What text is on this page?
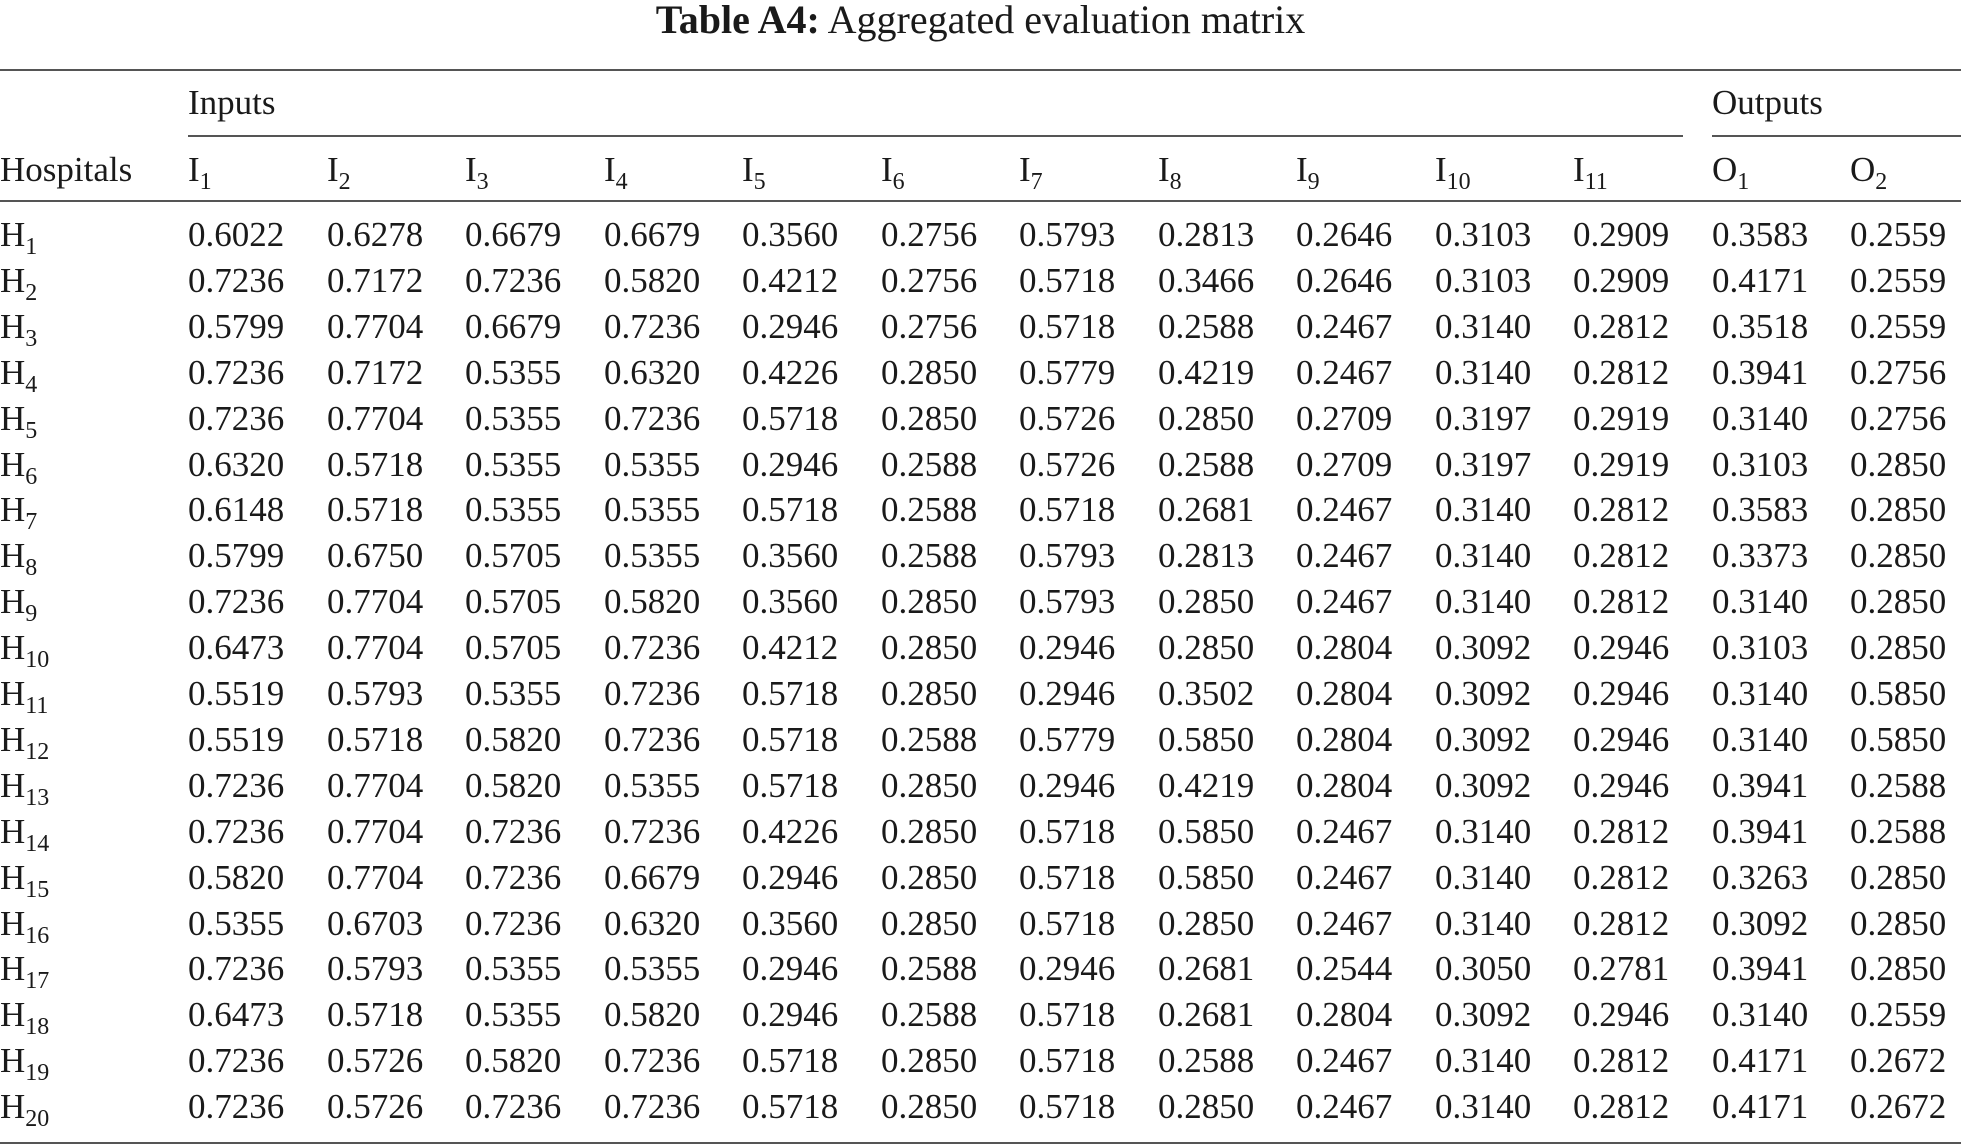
Table A4: Aggregated evaluation matrix
Inputs	Outputs
Hospitals $I_1$	$I_2$	$I_3$	$I_4$	$I_5$	$I_6$	$I_7$	$I_8$	$I_9$	$I_{10}$	$I_{11}$	$O_1$	$O_2$
$H_1$	0.6022 0.6278 0.6679 0.6679 0.3560 0.2756 0.5793 0.2813 0.2646 0.3103 0.2909 0.3583 0.2559
$H_2$	0.7236 0.7172 0.7236 0.5820 0.4212 0.2756 0.5718 0.3466 0.2646 0.3103 0.2909 0.4171 0.2559
$H_3$	0.5799 0.7704 0.6679 0.7236 0.2946 0.2756 0.5718 0.2588 0.2467 0.3140 0.2812 0.3518 0.2559
$H_4$	0.7236 0.7172 0.5355 0.6320 0.4226 0.2850 0.5779 0.4219 0.2467 0.3140 0.2812 0.3941 0.2756
$H_5$	0.7236 0.7704 0.5355 0.7236 0.5718 0.2850 0.5726 0.2850 0.2709 0.3197 0.2919 0.3140 0.2756
$H_6$	0.6320 0.5718 0.5355 0.5355 0.2946 0.2588 0.5726 0.2588 0.2709 0.3197 0.2919 0.3103 0.2850
$H_7$	0.6148 0.5718 0.5355 0.5355 0.5718 0.2588 0.5718 0.2681 0.2467 0.3140 0.2812 0.3583 0.2850
$H_8$	0.5799 0.6750 0.5705 0.5355 0.3560 0.2588 0.5793 0.2813 0.2467 0.3140 0.2812 0.3373 0.2850
$H_9$	0.7236 0.7704 0.5705 0.5820 0.3560 0.2850 0.5793 0.2850 0.2467 0.3140 0.2812 0.3140 0.2850
$H_{10}$	0.6473 0.7704 0.5705 0.7236 0.4212 0.2850 0.2946 0.2850 0.2804 0.3092 0.2946 0.3103 0.2850
$H_{11}$	0.5519 0.5793 0.5355 0.7236 0.5718 0.2850 0.2946 0.3502 0.2804 0.3092 0.2946 0.3140 0.5850
$H_{12}$	0.5519 0.5718 0.5820 0.7236 0.5718 0.2588 0.5779 0.5850 0.2804 0.3092 0.2946 0.3140 0.5850
$H_{13}$	0.7236 0.7704 0.5820 0.5355 0.5718 0.2850 0.2946 0.4219 0.2804 0.3092 0.2946 0.3941 0.2588
$H_{14}$	0.7236 0.7704 0.7236 0.7236 0.4226 0.2850 0.5718 0.5850 0.2467 0.3140 0.2812 0.3941 0.2588
$H_{15}$	0.5820 0.7704 0.7236 0.6679 0.2946 0.2850 0.5718 0.5850 0.2467 0.3140 0.2812 0.3263 0.2850
$H_{16}$	0.5355 0.6703 0.7236 0.6320 0.3560 0.2850 0.5718 0.2850 0.2467 0.3140 0.2812 0.3092 0.2850
$H_{17}$	0.7236 0.5793 0.5355 0.5355 0.2946 0.2588 0.2946 0.2681 0.2544 0.3050 0.2781 0.3941 0.2850
$H_{18}$	0.6473 0.5718 0.5355 0.5820 0.2946 0.2588 0.5718 0.2681 0.2804 0.3092 0.2946 0.3140 0.2559
$H_{19}$	0.7236 0.5726 0.5820 0.7236 0.5718 0.2850 0.5718 0.2588 0.2467 0.3140 0.2812 0.4171 0.2672
$H_{20}$	0.7236 0.5726 0.7236 0.7236 0.5718 0.2850 0.5718 0.2850 0.2467 0.3140 0.2812 0.4171 0.2672
